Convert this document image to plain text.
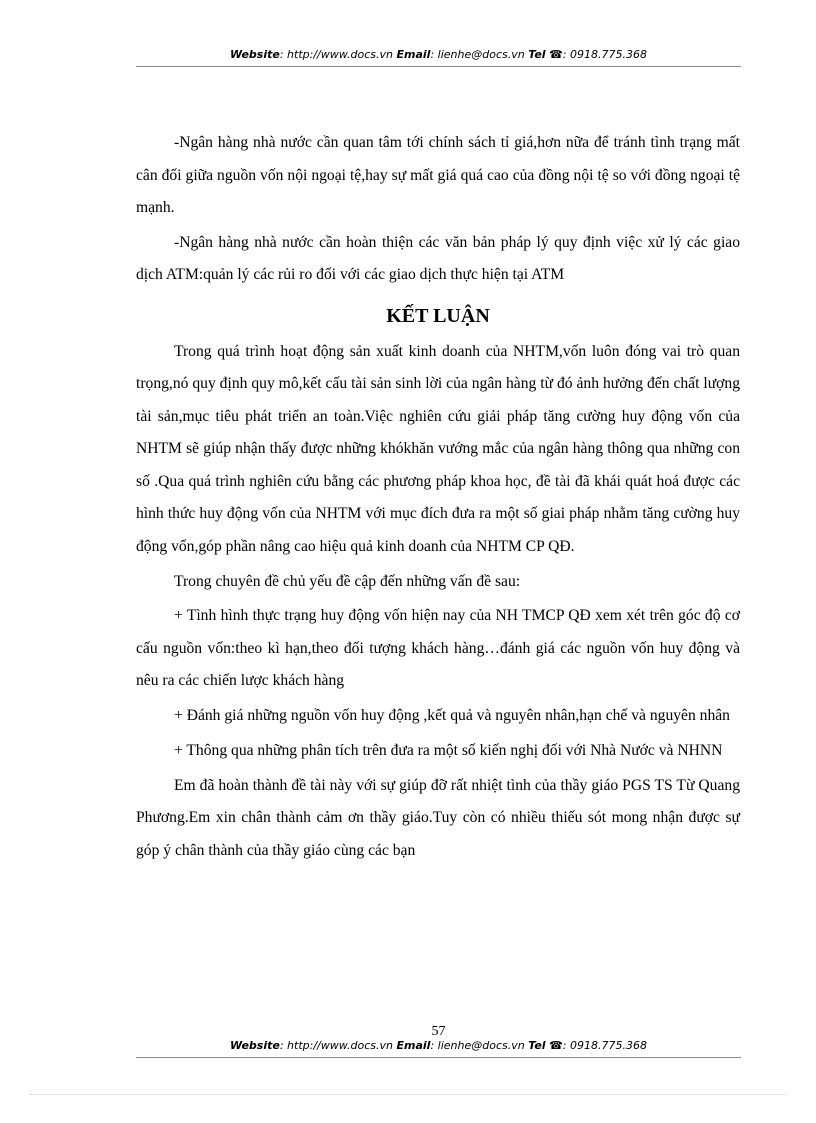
Website: http://www.docs.vn Email: lienhe@docs.vn Tel ☎: 0918.775.368

-Ngân hàng nhà nước cần quan tâm tới chính sách tỉ giá,hơn nữa để tránh tình trạng mất cân đối giữa nguồn vốn nội ngoại tệ,hay sự mất giá quá cao của đồng nội tệ so với đồng ngoại tệ mạnh.

-Ngân hàng nhà nước cần hoàn thiện các văn bản pháp lý quy định việc xử lý các giao dịch ATM:quản lý các rủi ro đối với các giao dịch thực hiện tại ATM

KẾT LUẬN

Trong quá trình hoạt động sản xuất kinh doanh của NHTM,vốn luôn đóng vai trò quan trọng,nó quy định quy mô,kết cấu tài sản sinh lời của ngân hàng từ đó ảnh hưởng đến chất lượng tài sản,mục tiêu phát triển an toàn.Việc nghiên cứu giải pháp tăng cường huy động vốn của NHTM sẽ giúp nhận thấy được những khókhăn vướng mắc của ngân hàng thông qua những con số .Qua quá trình nghiên cứu bằng các phương pháp khoa học, đề tài đã khái quát hoá được các hình thức huy động vốn của NHTM với mục đích đưa ra một số giai pháp nhằm tăng cường huy động vốn,góp phần nâng cao hiệu quả kinh doanh của NHTM CP QĐ.

Trong chuyên đề chủ yếu đề cập đến những vấn đề sau:

+ Tình hình thực trạng huy động vốn hiện nay của NH TMCP QĐ xem xét trên góc độ cơ cấu nguồn vốn:theo kì hạn,theo đối tượng khách hàng…đánh giá các nguồn vốn huy động và nêu ra các chiến lược khách hàng

+ Đánh giá những nguồn vốn huy động ,kết quả và nguyên nhân,hạn chế và nguyên nhân

+ Thông qua những phân tích trên đưa ra một số kiến nghị đối với Nhà Nước và NHNN

Em đã hoàn thành đề tài này với sự giúp đỡ rất nhiệt tình của thầy giáo PGS TS Từ Quang Phương.Em xin chân thành cảm ơn thầy giáo.Tuy còn có nhiều thiếu sót mong nhận được sự góp ý chân thành của thầy giáo cùng các bạn

57
Website: http://www.docs.vn Email: lienhe@docs.vn Tel ☎: 0918.775.368
